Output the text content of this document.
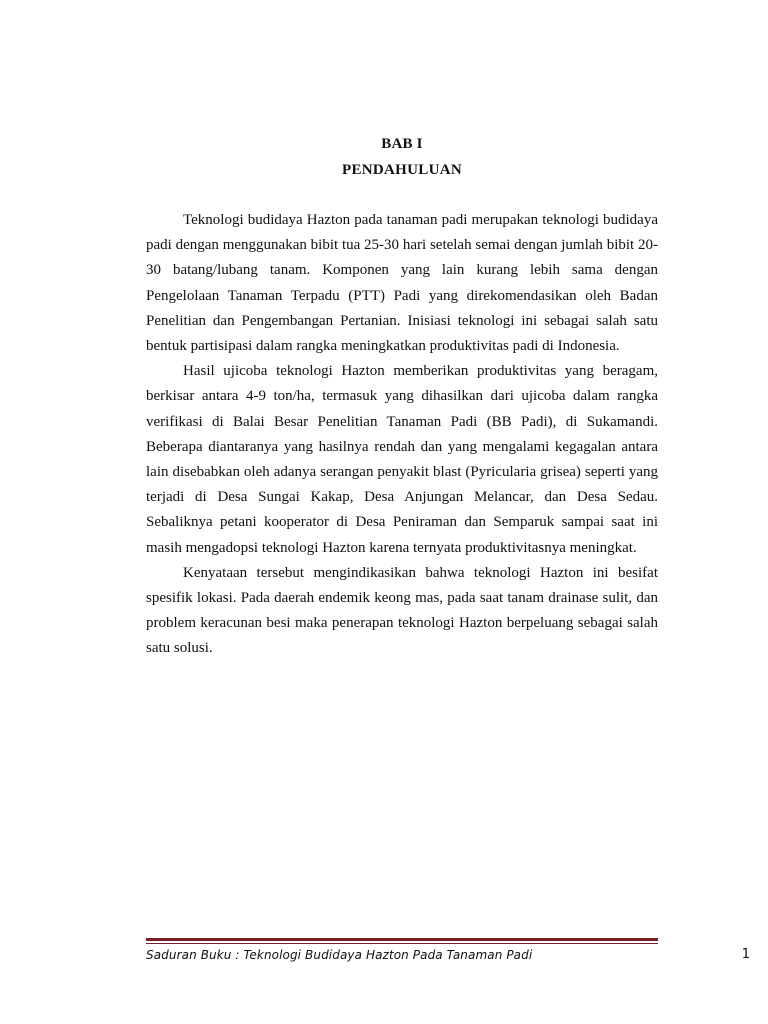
BAB I
PENDAHULUAN

Teknologi budidaya Hazton pada tanaman padi merupakan teknologi budidaya padi dengan menggunakan bibit tua 25-30 hari setelah semai dengan jumlah bibit 20-30 batang/lubang tanam. Komponen yang lain kurang lebih sama dengan Pengelolaan Tanaman Terpadu (PTT) Padi yang direkomendasikan oleh Badan Penelitian dan Pengembangan Pertanian. Inisiasi teknologi ini sebagai salah satu bentuk partisipasi dalam rangka meningkatkan produktivitas padi di Indonesia.

Hasil ujicoba teknologi Hazton memberikan produktivitas yang beragam, berkisar antara 4-9 ton/ha, termasuk yang dihasilkan dari ujicoba dalam rangka verifikasi di Balai Besar Penelitian Tanaman Padi (BB Padi), di Sukamandi. Beberapa diantaranya yang hasilnya rendah dan yang mengalami kegagalan antara lain disebabkan oleh adanya serangan penyakit blast (Pyricularia grisea) seperti yang terjadi di Desa Sungai Kakap, Desa Anjungan Melancar, dan Desa Sedau. Sebaliknya petani kooperator di Desa Peniraman dan Semparuk sampai saat ini masih mengadopsi teknologi Hazton karena ternyata produktivitasnya meningkat.

Kenyataan tersebut mengindikasikan bahwa teknologi Hazton ini besifat spesifik lokasi. Pada daerah endemik keong mas, pada saat tanam drainase sulit, dan problem keracunan besi maka penerapan teknologi Hazton berpeluang sebagai salah satu solusi.

Saduran Buku : Teknologi Budidaya Hazton Pada Tanaman Padi	1
